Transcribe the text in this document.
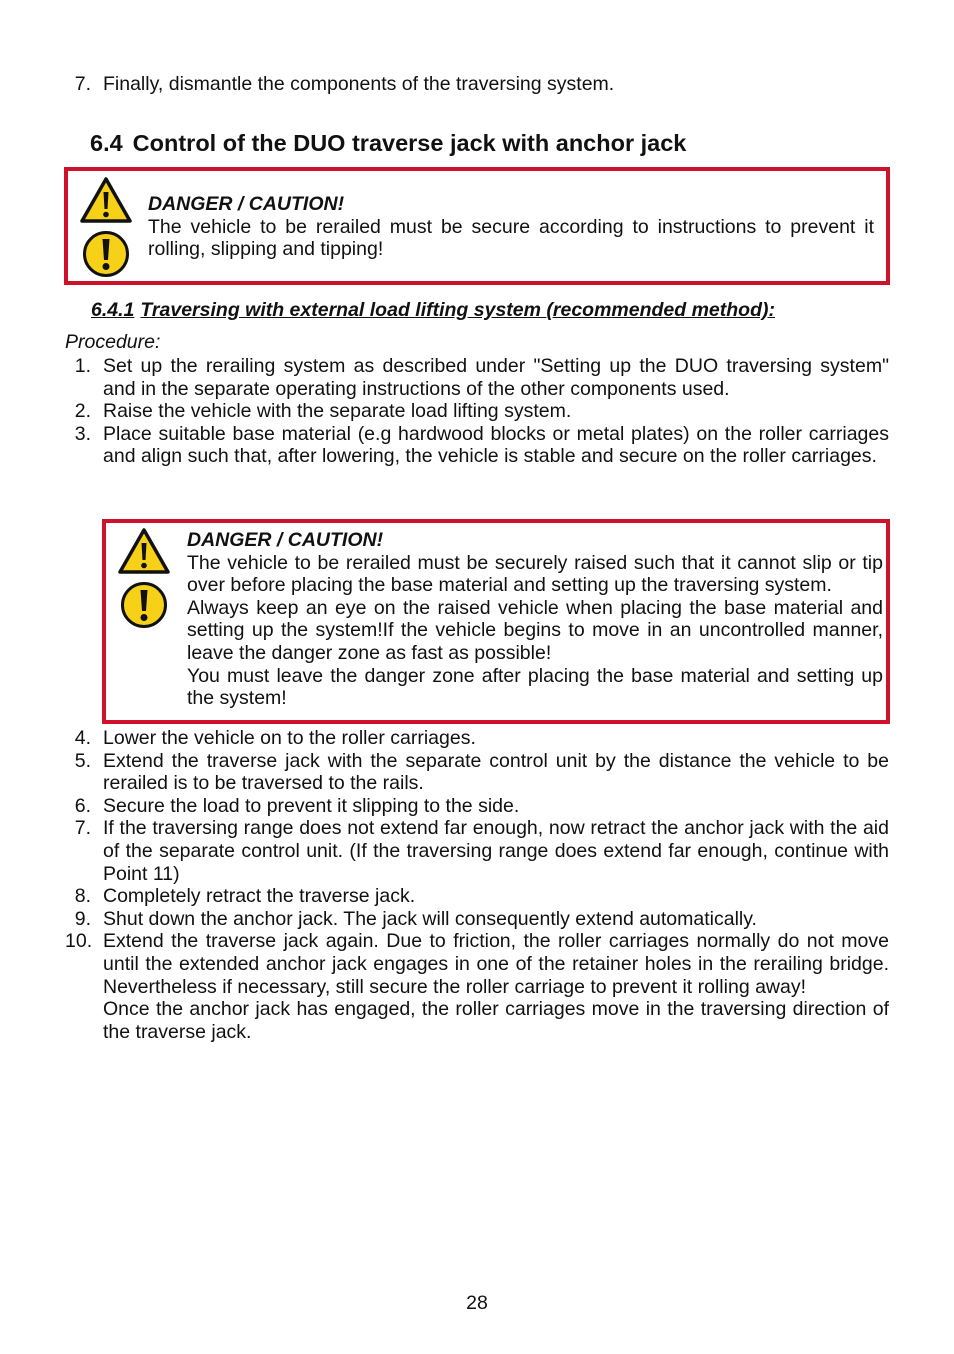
7. Finally, dismantle the components of the traversing system.

6.4 Control of the DUO traverse jack with anchor jack
DANGER / CAUTION!

The vehicle to be rerailed must be secure according to instructions to prevent it rolling, slipping and tipping!

6.4.1 Traversing with external load lifting system (recommended method):
Procedure:
1. Set up the rerailing system as described under "Setting up the DUO traversing system" and in the separate operating instructions of the other components used.

2. Raise the vehicle with the separate load lifting system.

3. Place suitable base material (e.g hardwood blocks or metal plates) on the roller carriages and align such that, after lowering, the vehicle is stable and secure on the roller carriages.

DANGER / CAUTION!

The vehicle to be rerailed must be securely raised such that it cannot slip or tip over before placing the base material and setting up the traversing system.

Always keep an eye on the raised vehicle when placing the base material and setting up the system!If the vehicle begins to move in an uncontrolled manner, leave the danger zone as fast as possible!

You must leave the danger zone after placing the base material and setting up the system!

4. Lower the vehicle on to the roller carriages.

5. Extend the traverse jack with the separate control unit by the distance the vehicle to be rerailed is to be traversed to the rails.

6. Secure the load to prevent it slipping to the side.

7. If the traversing range does not extend far enough, now retract the anchor jack with the aid of the separate control unit. (If the traversing range does extend far enough, continue with Point 11)

8. Completely retract the traverse jack.

9. Shut down the anchor jack. The jack will consequently extend automatically.

10. Extend the traverse jack again. Due to friction, the roller carriages normally do not move until the extended anchor jack engages in one of the retainer holes in the rerailing bridge. Nevertheless if necessary, still secure the roller carriage to prevent it rolling away!

Once the anchor jack has engaged, the roller carriages move in the traversing direction of the traverse jack.

28
